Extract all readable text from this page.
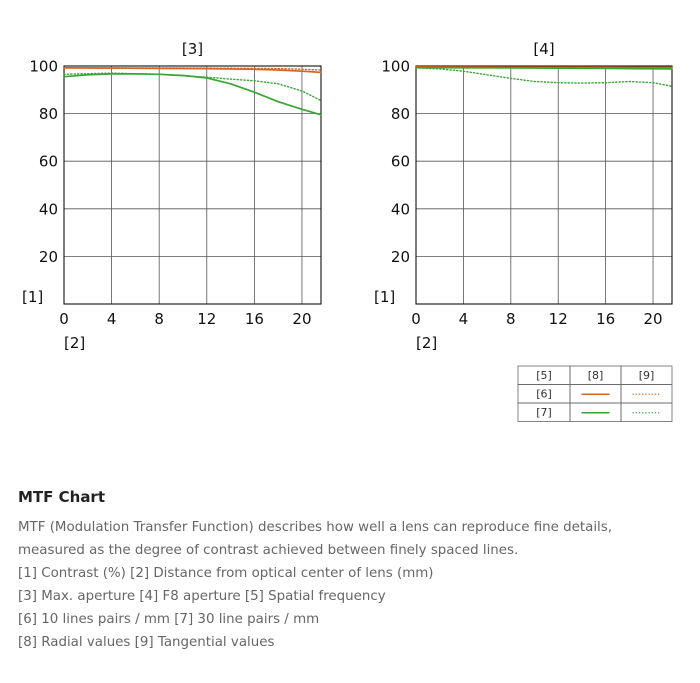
20
40
60
80
100
0	4	8 12 16 20
[3]
[1]
[2]
20
40
60
80
100
0	4	8 12 16 20
[4]
[1]
[2]
[5]	[8]	[9]
[6]
[7]

MTF Chart

MTF (Modulation Transfer Function) describes how well a lens can reproduce fine details,

measured as the degree of contrast achieved between finely spaced lines.

[1] Contrast (%) [2] Distance from optical center of lens (mm)

[3] Max. aperture [4] F8 aperture [5] Spatial frequency

[6] 10 lines pairs / mm [7] 30 line pairs / mm

[8] Radial values [9] Tangential values
